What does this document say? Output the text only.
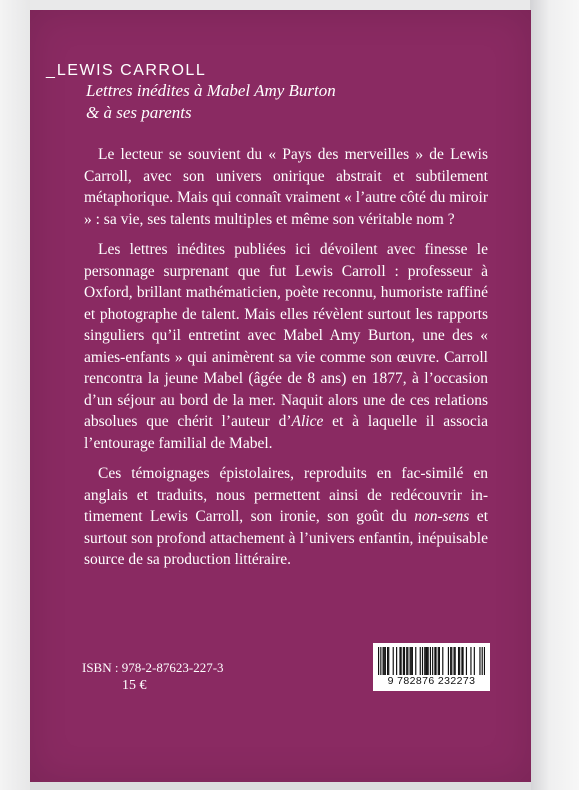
_ LEWIS CARROLL
Lettres inédites à Mabel Amy Burton
& à ses parents

Le lecteur se souvient du « Pays des merveilles » de Lewis Carroll, avec son univers onirique abstrait et subtilement métaphorique. Mais qui connaît vraiment « l’autre côté du miroir » : sa vie, ses talents multiples et même son véritable nom ?

Les lettres inédites publiées ici dévoilent avec finesse le personnage surprenant que fut Lewis Carroll : professeur à Oxford, brillant mathématicien, poète reconnu, humoriste raffiné et photographe de talent. Mais elles révèlent surtout les rapports singuliers qu’il entretint avec Mabel Amy Burton, une des « amies-enfants » qui animèrent sa vie comme son œuvre. Carroll rencontra la jeune Mabel (âgée de 8 ans) en 1877, à l’occasion d’un séjour au bord de la mer. Naquit alors une de ces relations absolues que chérit l’auteur d’Alice et à laquelle il associa l’entourage familial de Mabel.

Ces témoignages épistolaires, reproduits en fac-similé en anglais et traduits, nous permettent ainsi de redécouvrir intimement Lewis Carroll, son ironie, son goût du non-sens et surtout son profond attachement à l’univers enfantin, inépuisable source de sa production littéraire.

ISBN : 978-2-87623-227-3
15 €	9 782876 232273
